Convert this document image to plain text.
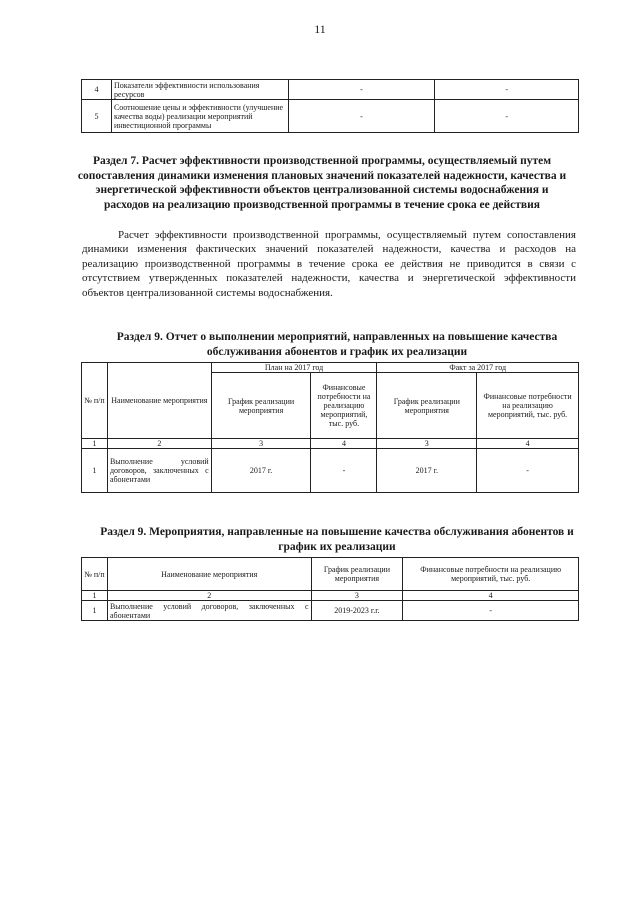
11
4	Показатели эффективности использования ресурсов	-	-
5	Соотношение цены и эффективности (улучшение качества воды) реализации мероприятий инвестиционной программы	-	-
Раздел 7. Расчет эффективности производственной программы, осуществляемый путем сопоставления динамики изменения плановых значений показателей надежности, качества и энергетической эффективности объектов централизованной системы водоснабжения и расходов на реализацию производственной программы в течение срока ее действия

Расчет эффективности производственной программы, осуществляемый путем сопоставления динамики изменения фактических значений показателей надежности, качества и расходов на реализацию производственной программы в течение срока ее действия не приводится в связи с отсутствием утвержденных показателей надежности, качества и энергетической эффективности объектов централизованной системы водоснабжения.

Раздел 9. Отчет о выполнении мероприятий, направленных на повышение качества обслуживания абонентов и график их реализации
№ п/п	Наименование мероприятия	План на 2017 год		Факт за 2017 год	
		График реализации мероприятия	Финансовые потребности на реализацию мероприятий, тыс. руб.	График реализации мероприятия	Финансовые потребности на реализацию мероприятий, тыс. руб.
1	2	3	4	3	4
1	Выполнение условий договоров, заключенных с абонентами	2017 г.	-	2017 г.	-
Раздел 9. Мероприятия, направленные на повышение качества обслуживания абонентов и график их реализации
№ п/п	Наименование мероприятия	График реализации мероприятия	Финансовые потребности на реализацию мероприятий, тыс. руб.
1	2	3	4
1	Выполнение условий договоров, заключенных с абонентами	2019-2023 г.г.	-
